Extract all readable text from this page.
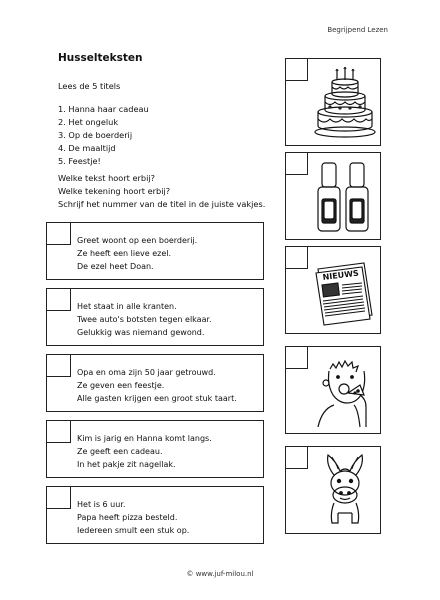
Begrijpend Lezen
Husselteksten
Lees de 5 titels
1. Hanna haar cadeau
2. Het ongeluk
3. Op de boerderij
4. De maaltijd
5. Feestje!
Welke tekst hoort erbij?
Welke tekening hoort erbij?
Schrijf het nummer van de titel in de juiste vakjes.
Greet woont op een boerderij.
Ze heeft een lieve ezel.
De ezel heet Doan.
Het staat in alle kranten.
Twee auto's botsten tegen elkaar.
Gelukkig was niemand gewond.
Opa en oma zijn 50 jaar getrouwd.
Ze geven een feestje.
Alle gasten krijgen een groot stuk taart.
Kim is jarig en Hanna komt langs.
Ze geeft een cadeau.
In het pakje zit nagellak.
Het is 6 uur.
Papa heeft pizza besteld.
Iedereen smult een stuk op.
NIEUWS
© www.juf-milou.nl
